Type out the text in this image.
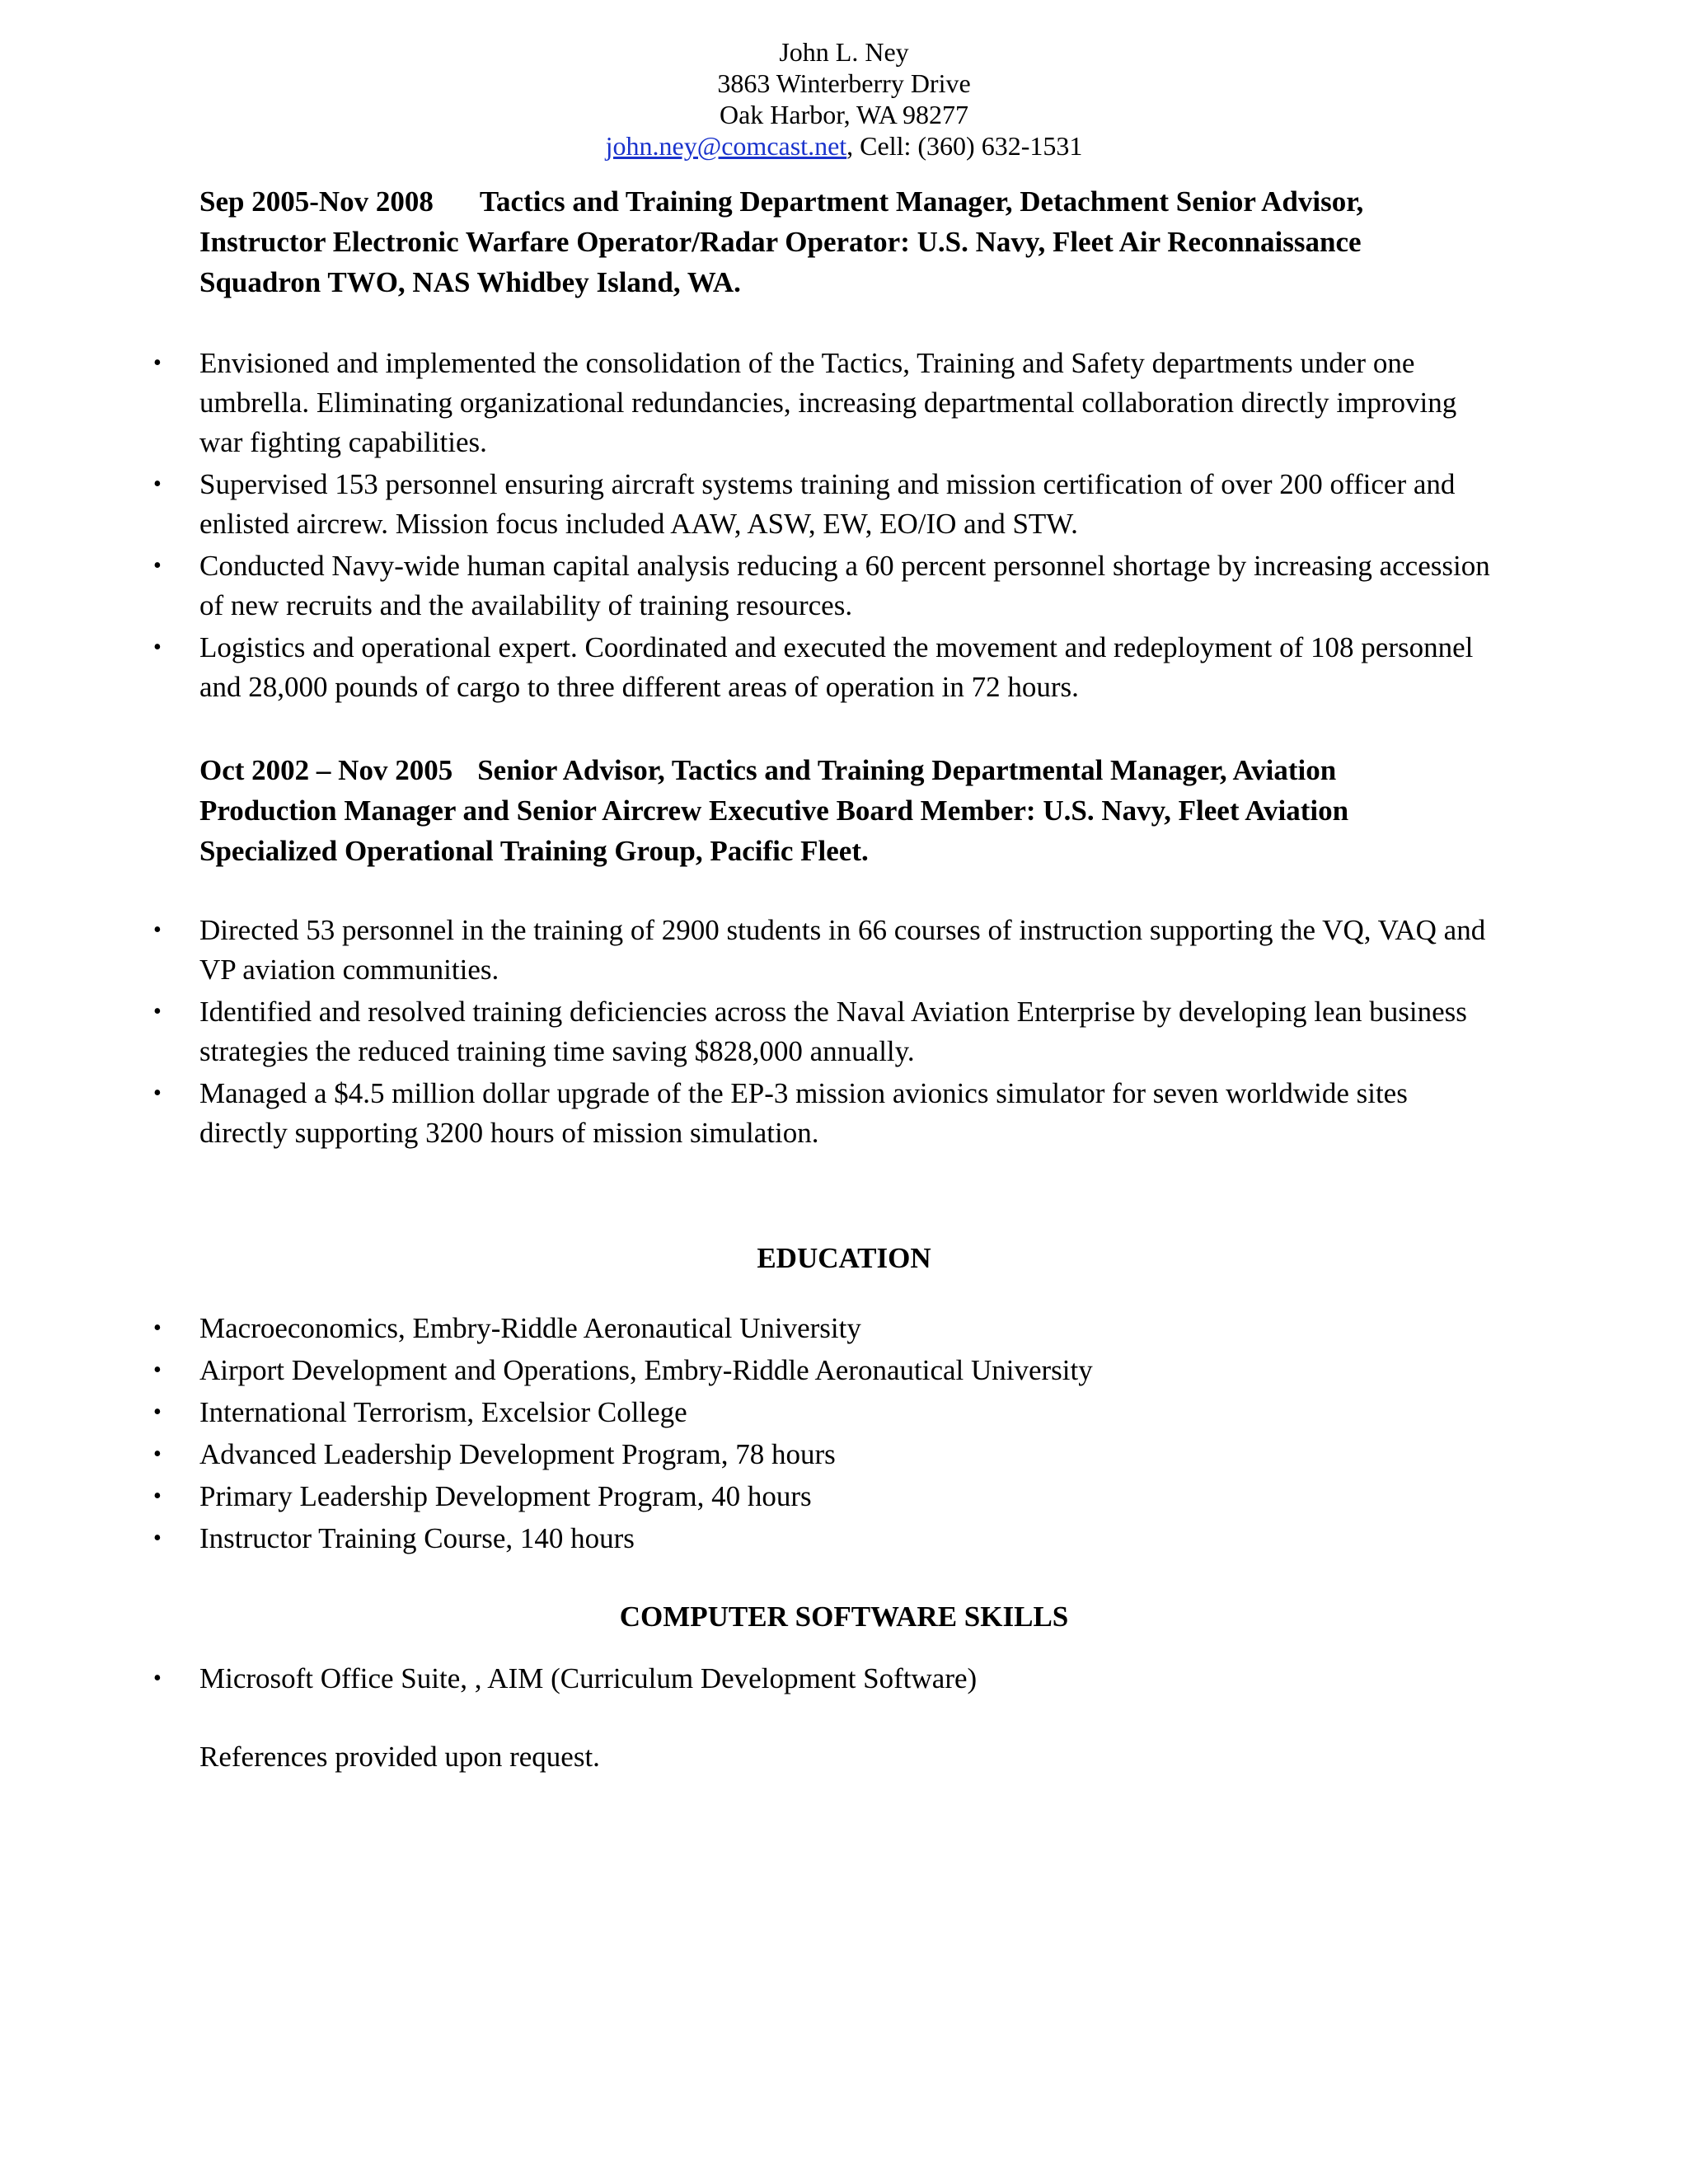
John L. Ney
3863 Winterberry Drive
Oak Harbor, WA 98277
john.ney@comcast.net, Cell: (360) 632-1531
Sep 2005-Nov 2008 Tactics and Training Department Manager, Detachment Senior Advisor,
Instructor Electronic Warfare Operator/Radar Operator: U.S. Navy, Fleet Air Reconnaissance
Squadron TWO, NAS Whidbey Island, WA.
• Envisioned and implemented the consolidation of the Tactics, Training and Safety departments under one umbrella. Eliminating organizational redundancies, increasing departmental collaboration directly improving war fighting capabilities.
• Supervised 153 personnel ensuring aircraft systems training and mission certification of over 200 officer and enlisted aircrew. Mission focus included AAW, ASW, EW, EO/IO and STW.
• Conducted Navy-wide human capital analysis reducing a 60 percent personnel shortage by increasing accession of new recruits and the availability of training resources.
• Logistics and operational expert. Coordinated and executed the movement and redeployment of 108 personnel and 28,000 pounds of cargo to three different areas of operation in 72 hours.
Oct 2002 – Nov 2005 Senior Advisor, Tactics and Training Departmental Manager, Aviation
Production Manager and Senior Aircrew Executive Board Member: U.S. Navy, Fleet Aviation
Specialized Operational Training Group, Pacific Fleet.
• Directed 53 personnel in the training of 2900 students in 66 courses of instruction supporting the VQ, VAQ and VP aviation communities.
• Identified and resolved training deficiencies across the Naval Aviation Enterprise by developing lean business strategies the reduced training time saving $828,000 annually.
• Managed a $4.5 million dollar upgrade of the EP-3 mission avionics simulator for seven worldwide sites directly supporting 3200 hours of mission simulation.
EDUCATION
• Macroeconomics, Embry-Riddle Aeronautical University
• Airport Development and Operations, Embry-Riddle Aeronautical University
• International Terrorism, Excelsior College
• Advanced Leadership Development Program, 78 hours
• Primary Leadership Development Program, 40 hours
• Instructor Training Course, 140 hours
COMPUTER SOFTWARE SKILLS
• Microsoft Office Suite, , AIM (Curriculum Development Software)
References provided upon request.
